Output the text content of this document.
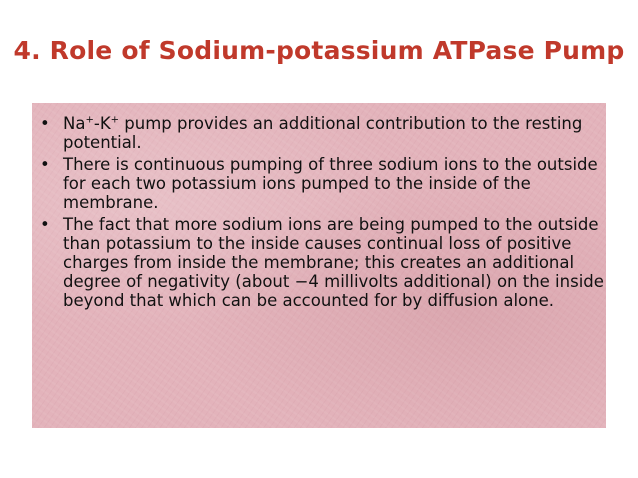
4. Role of Sodium-potassium ATPase Pump
• Na+-K+ pump provides an additional contribution to the resting potential.
• There is continuous pumping of three sodium ions to the outside for each two potassium ions pumped to the inside of the membrane.
• The fact that more sodium ions are being pumped to the outside than potassium to the inside causes continual loss of positive charges from inside the membrane; this creates an additional degree of negativity (about −4 millivolts additional) on the inside beyond that which can be accounted for by diffusion alone.
